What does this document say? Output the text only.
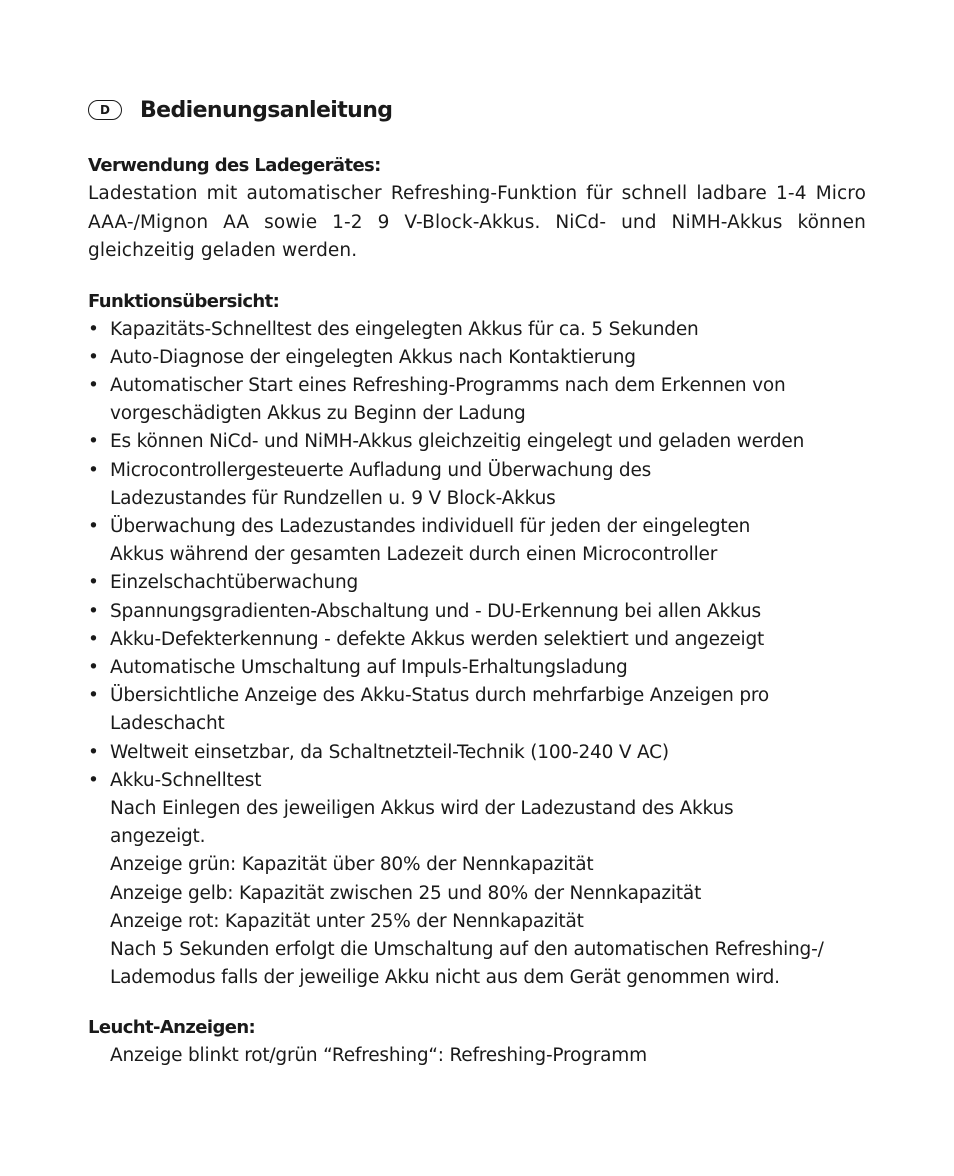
D	Bedienungsanleitung
Verwendung des Ladegerätes:

Ladestation mit automatischer Refreshing-Funktion für schnell ladbare 1-4 Micro AAA-/Mignon AA sowie 1-2 9 V-Block-Akkus. NiCd- und NiMH-Akkus können gleichzeitig geladen werden.

Funktionsübersicht:
• Kapazitäts-Schnelltest des eingelegten Akkus für ca. 5 Sekunden
• Auto-Diagnose der eingelegten Akkus nach Kontaktierung
• Automatischer Start eines Refreshing-Programms nach dem Erkennen von
vorgeschädigten Akkus zu Beginn der Ladung
• Es können NiCd- und NiMH-Akkus gleichzeitig eingelegt und geladen werden
• Microcontrollergesteuerte Aufladung und Überwachung des
Ladezustandes für Rundzellen u. 9 V Block-Akkus
• Überwachung des Ladezustandes individuell für jeden der eingelegten
Akkus während der gesamten Ladezeit durch einen Microcontroller
• Einzelschachtüberwachung
• Spannungsgradienten-Abschaltung und - DU-Erkennung bei allen Akkus
• Akku-Defekterkennung - defekte Akkus werden selektiert und angezeigt
• Automatische Umschaltung auf Impuls-Erhaltungsladung
• Übersichtliche Anzeige des Akku-Status durch mehrfarbige Anzeigen pro
Ladeschacht
• Weltweit einsetzbar, da Schaltnetzteil-Technik (100-240 V AC)
• Akku-Schnelltest
Nach Einlegen des jeweiligen Akkus wird der Ladezustand des Akkus
angezeigt.
Anzeige grün: Kapazität über 80% der Nennkapazität
Anzeige gelb: Kapazität zwischen 25 und 80% der Nennkapazität
Anzeige rot: Kapazität unter 25% der Nennkapazität
Nach 5 Sekunden erfolgt die Umschaltung auf den automatischen Refreshing-/
Lademodus falls der jeweilige Akku nicht aus dem Gerät genommen wird.
Leucht-Anzeigen:
Anzeige blinkt rot/grün “Refreshing“: Refreshing-Programm
